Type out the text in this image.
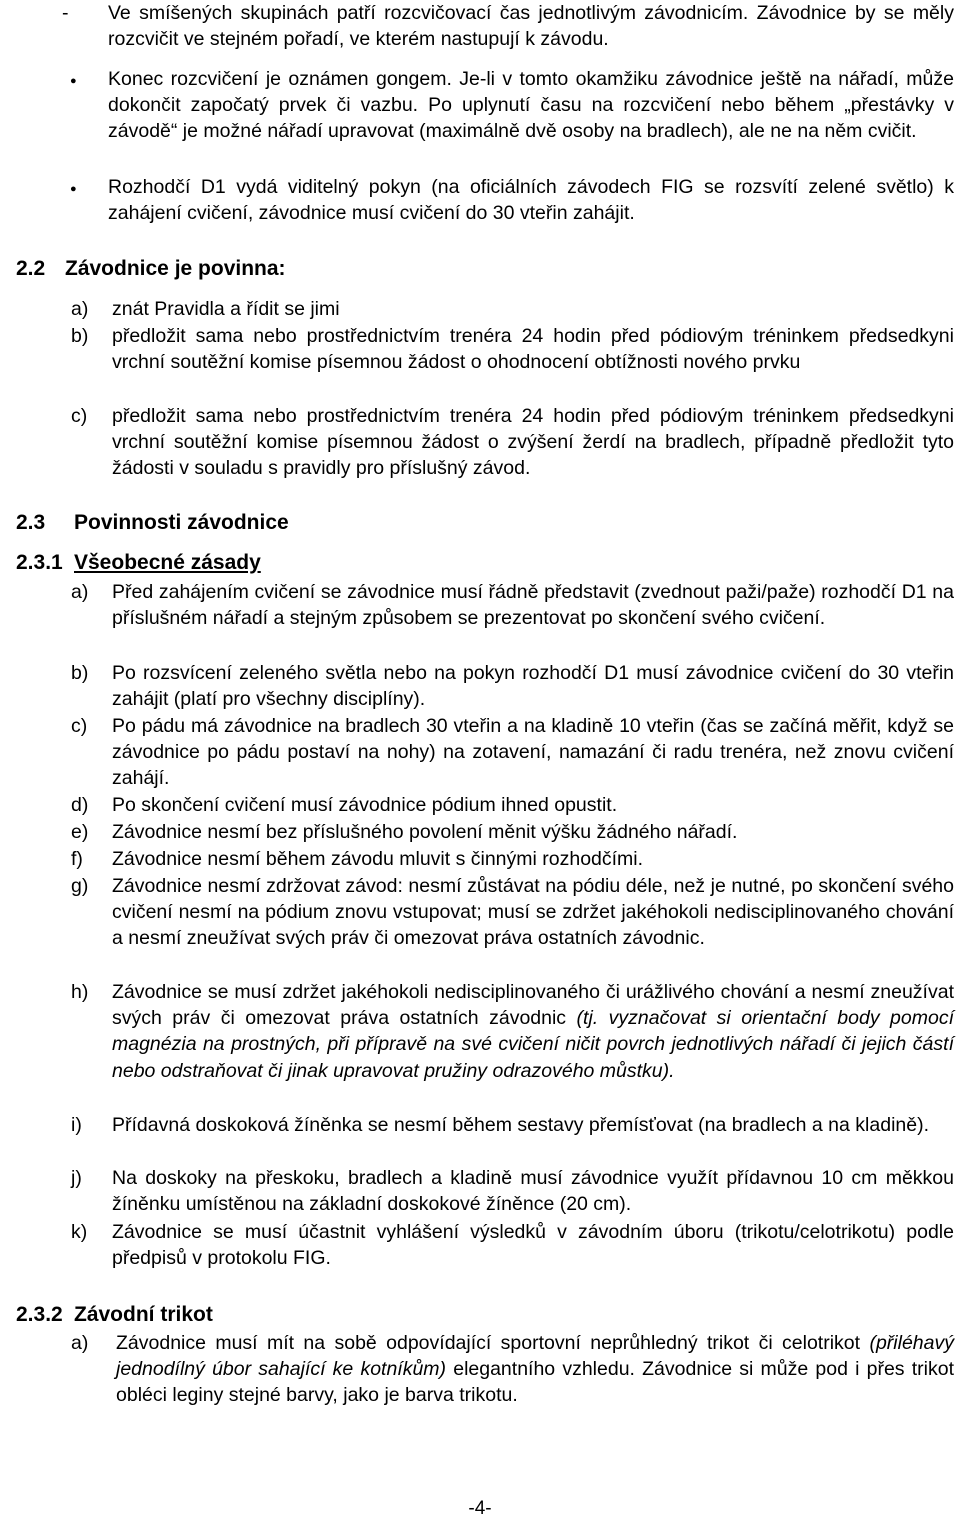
- Ve smíšených skupinách patří rozcvičovací čas jednotlivým závodnicím. Závodnice by se měly rozcvičit ve stejném pořadí, ve kterém nastupují k závodu.
● Konec rozcvičení je oznámen gongem. Je-li v tomto okamžiku závodnice ještě na nářadí, může dokončit započatý prvek či vazbu. Po uplynutí času na rozcvičení nebo během „přestávky v závodě“ je možné nářadí upravovat (maximálně dvě osoby na bradlech), ale ne na něm cvičit.
● Rozhodčí D1 vydá viditelný pokyn (na oficiálních závodech FIG se rozsvítí zelené světlo) k zahájení cvičení, závodnice musí cvičení do 30 vteřin zahájit.
2.2 Závodnice je povinna:
a) znát Pravidla a řídit se jimi
b) předložit sama nebo prostřednictvím trenéra 24 hodin před pódiovým tréninkem předsedkyni vrchní soutěžní komise písemnou žádost o ohodnocení obtížnosti nového prvku
c) předložit sama nebo prostřednictvím trenéra 24 hodin před pódiovým tréninkem předsedkyni vrchní soutěžní komise písemnou žádost o zvýšení žerdí na bradlech, případně předložit tyto žádosti v souladu s pravidly pro příslušný závod.
2.3 Povinnosti závodnice
2.3.1 Všeobecné zásady
a) Před zahájením cvičení se závodnice musí řádně představit (zvednout paži/paže) rozhodčí D1 na příslušném nářadí a stejným způsobem se prezentovat po skončení svého cvičení.
b) Po rozsvícení zeleného světla nebo na pokyn rozhodčí D1 musí závodnice cvičení do 30 vteřin zahájit (platí pro všechny disciplíny).
c) Po pádu má závodnice na bradlech 30 vteřin a na kladině 10 vteřin (čas se začíná měřit, když se závodnice po pádu postaví na nohy) na zotavení, namazání či radu trenéra, než znovu cvičení zahájí.
d) Po skončení cvičení musí závodnice pódium ihned opustit.
e) Závodnice nesmí bez příslušného povolení měnit výšku žádného nářadí.
f) Závodnice nesmí během závodu mluvit s činnými rozhodčími.
g) Závodnice nesmí zdržovat závod: nesmí zůstávat na pódiu déle, než je nutné, po skončení svého cvičení nesmí na pódium znovu vstupovat; musí se zdržet jakéhokoli nedisciplinovaného chování a nesmí zneužívat svých práv či omezovat práva ostatních závodnic.
h) Závodnice se musí zdržet jakéhokoli nedisciplinovaného či urážlivého chování a nesmí zneužívat svých práv či omezovat práva ostatních závodnic (tj. vyznačovat si orientační body pomocí magnézia na prostných, při přípravě na své cvičení ničit povrch jednotlivých nářadí či jejich částí nebo odstraňovat či jinak upravovat pružiny odrazového můstku).
i) Přídavná doskoková žíněnka se nesmí během sestavy přemísťovat (na bradlech a na kladině).
j) Na doskoky na přeskoku, bradlech a kladině musí závodnice využít přídavnou 10 cm měkkou žíněnku umístěnou na základní doskokové žíněnce (20 cm).
k) Závodnice se musí účastnit vyhlášení výsledků v závodním úboru (trikotu/celotrikotu) podle předpisů v protokolu FIG.
2.3.2 Závodní trikot
a) Závodnice musí mít na sobě odpovídající sportovní neprůhledný trikot či celotrikot (přiléhavý jednodílný úbor sahající ke kotníkům) elegantního vzhledu. Závodnice si může pod i přes trikot obléci leginy stejné barvy, jako je barva trikotu.
-4-
